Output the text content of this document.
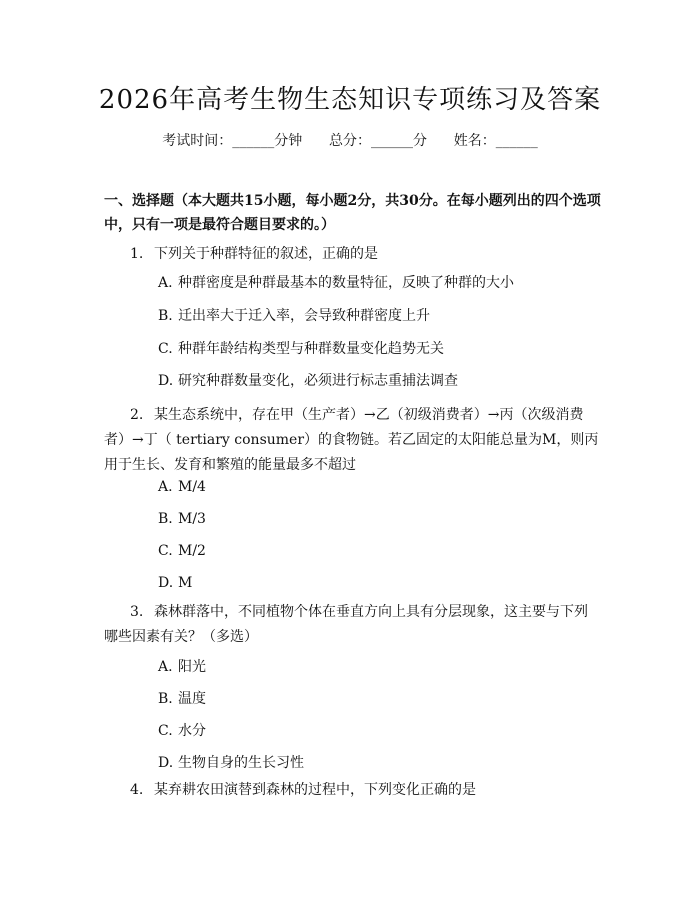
2026年高考生物生态知识专项练习及答案
考试时间：______分钟      总分：______分      姓名：______
一、选择题（本大题共15小题，每小题2分，共30分。在每小题列出的四个选项中，只有一项是最符合题目要求的。）
1. 下列关于种群特征的叙述，正确的是
A. 种群密度是种群最基本的数量特征，反映了种群的大小
B. 迁出率大于迁入率，会导致种群密度上升
C. 种群年龄结构类型与种群数量变化趋势无关
D. 研究种群数量变化，必须进行标志重捕法调查
2. 某生态系统中，存在甲（生产者）→乙（初级消费者）→丙（次级消费者）→丁（ tertiary consumer）的食物链。若乙固定的太阳能总量为M，则丙用于生长、发育和繁殖的能量最多不超过
A. M/4
B. M/3
C. M/2
D. M
3. 森林群落中，不同植物个体在垂直方向上具有分层现象，这主要与下列哪些因素有关？（多选）
A. 阳光
B. 温度
C. 水分
D. 生物自身的生长习性
4. 某弃耕农田演替到森林的过程中，下列变化正确的是
